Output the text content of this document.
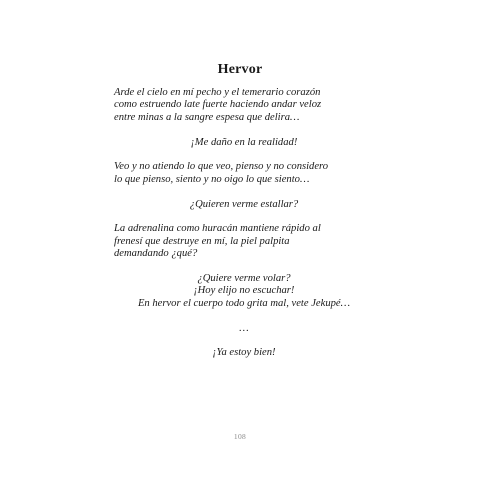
Hervor
Arde el cielo en mí pecho y el temerario corazón
como estruendo late fuerte haciendo andar veloz
entre minas a la sangre espesa que delira…
¡Me daño en la realidad!
Veo y no atiendo lo que veo, pienso y no considero
lo que pienso, siento y no oigo lo que siento…
¿Quieren verme estallar?
La adrenalina como huracán mantiene rápido al
frenesí que destruye en mí, la piel palpita
demandando ¿qué?
¿Quiere verme volar?
¡Hoy elijo no escuchar!
En hervor el cuerpo todo grita mal, vete Jekupé…
…
¡Ya estoy bien!
108
